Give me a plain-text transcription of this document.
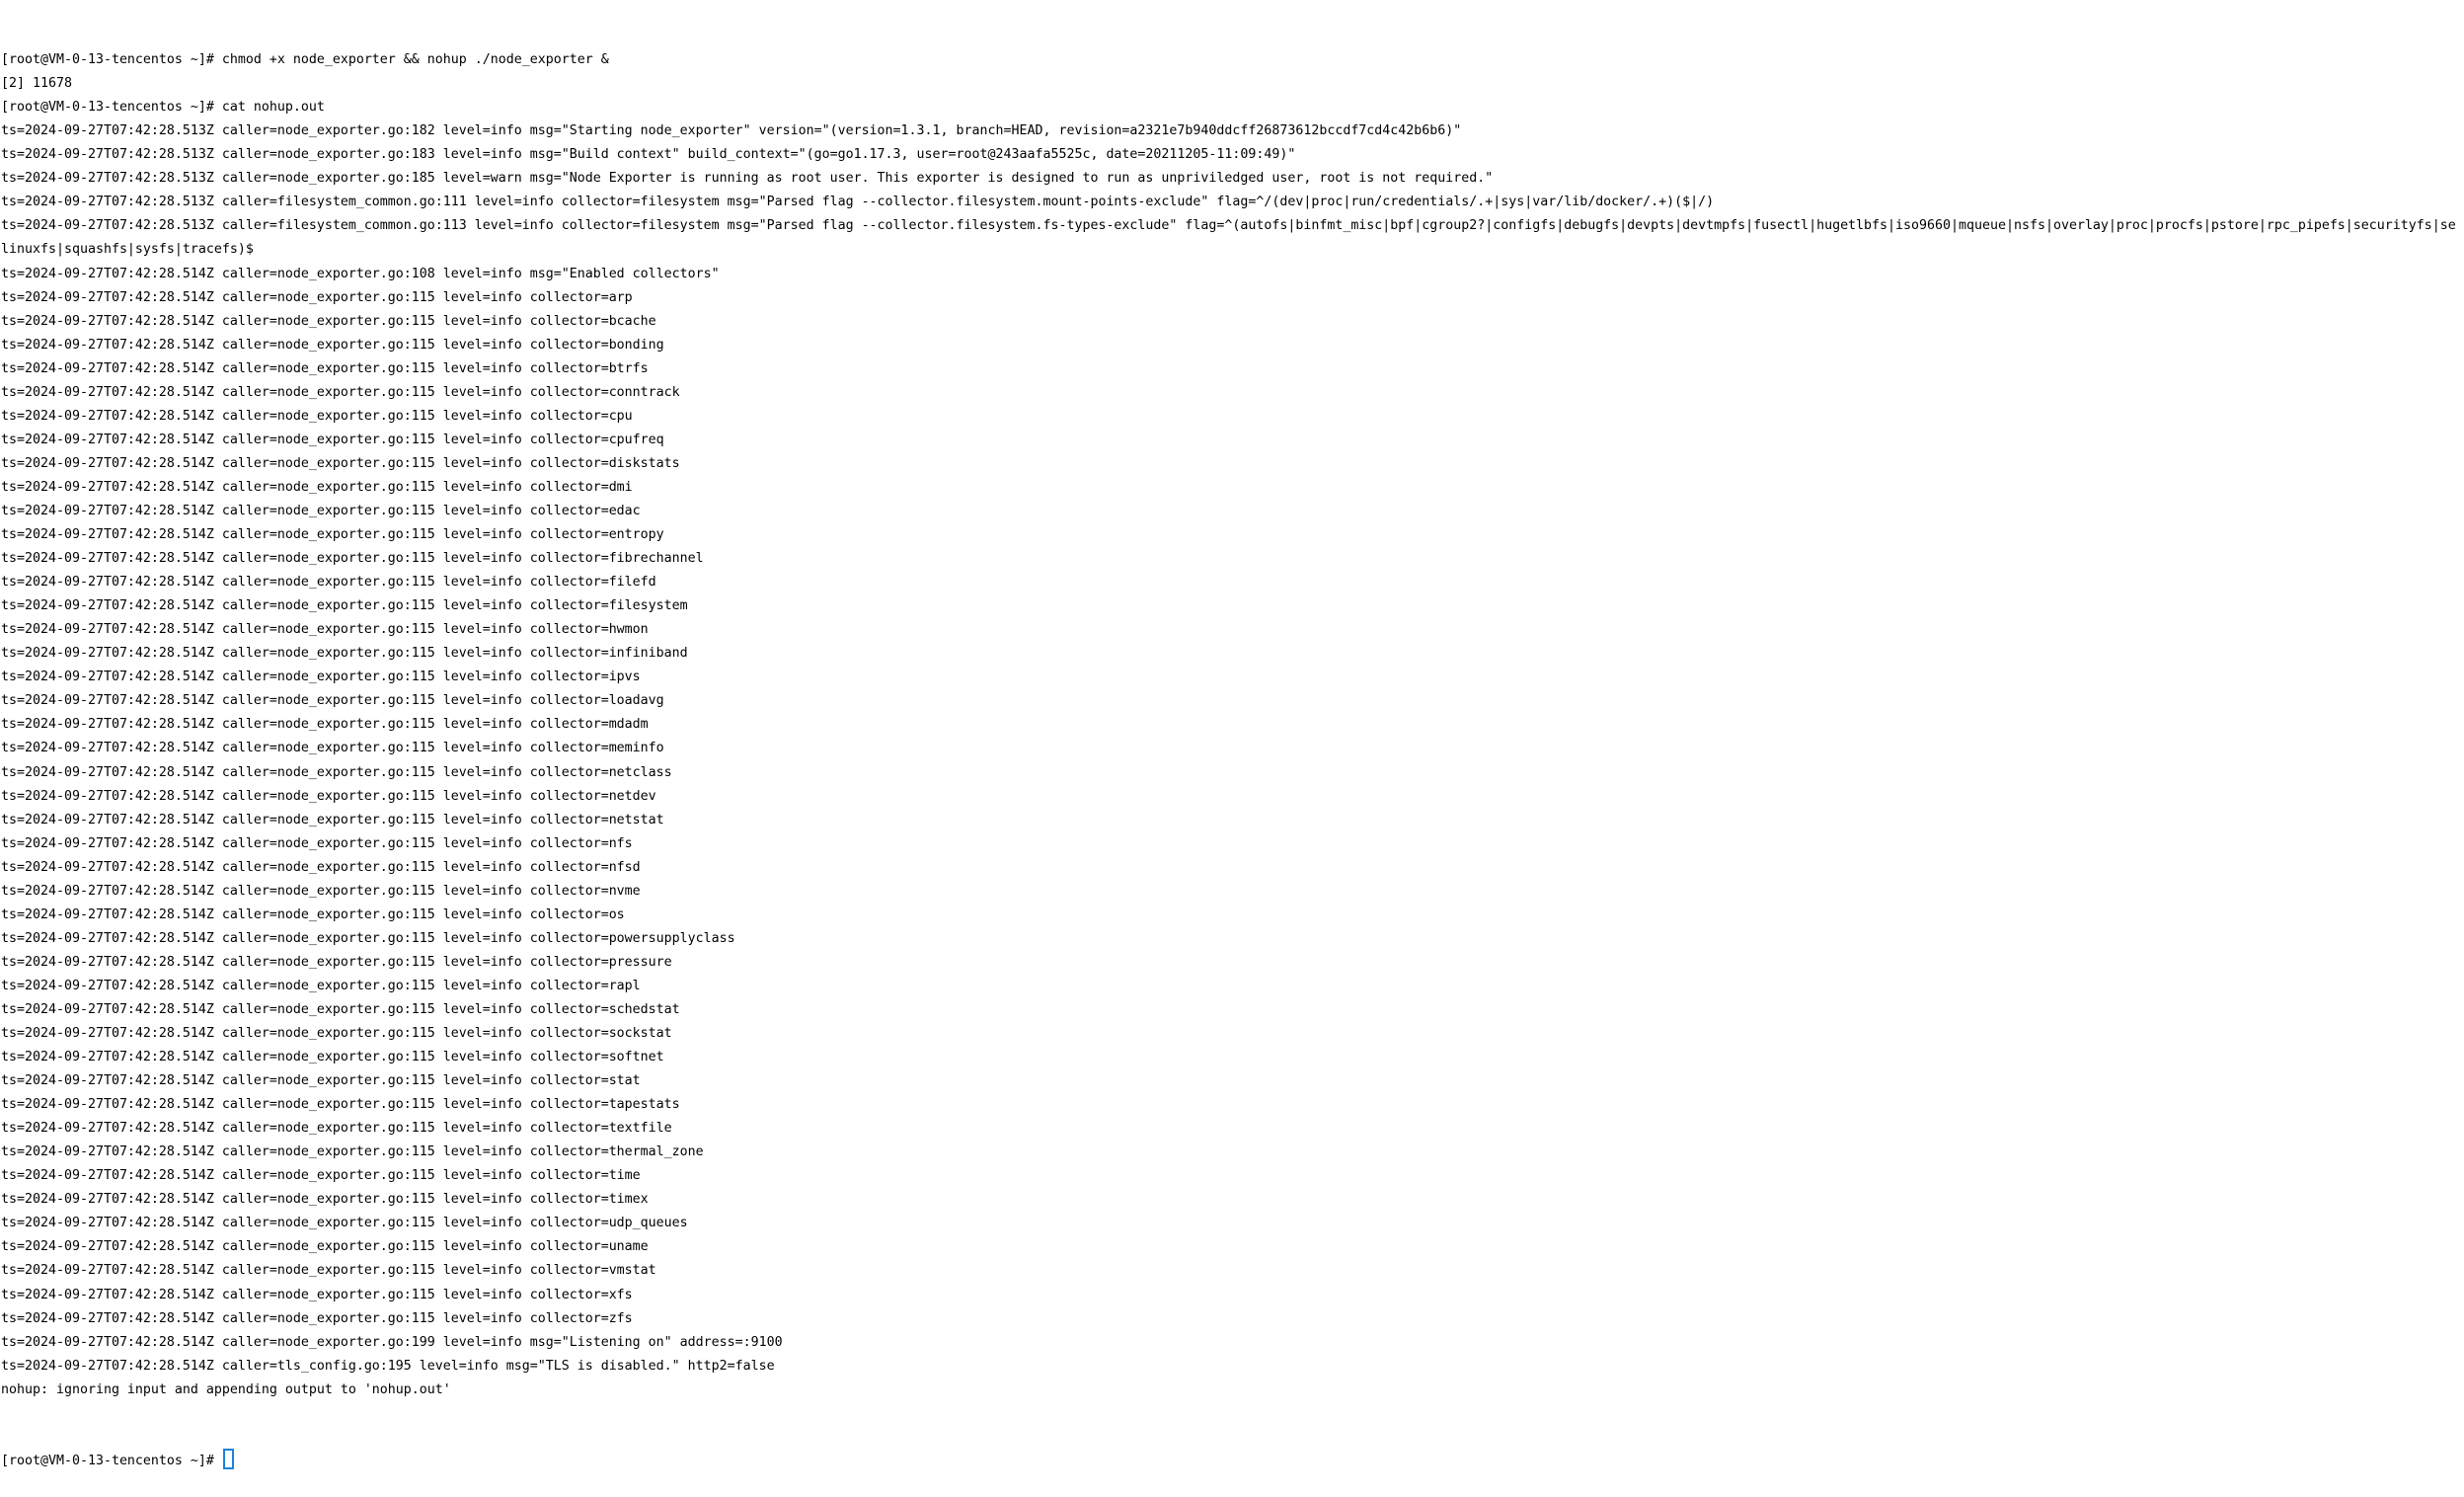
[root@VM-0-13-tencentos ~]# chmod +x node_exporter && nohup ./node_exporter &
[2] 11678
[root@VM-0-13-tencentos ~]# cat nohup.out
ts=2024-09-27T07:42:28.513Z caller=node_exporter.go:182 level=info msg="Starting node_exporter" version="(version=1.3.1, branch=HEAD, revision=a2321e7b940ddcff26873612bccdf7cd4c42b6b6)"
ts=2024-09-27T07:42:28.513Z caller=node_exporter.go:183 level=info msg="Build context" build_context="(go=go1.17.3, user=root@243aafa5525c, date=20211205-11:09:49)"
ts=2024-09-27T07:42:28.513Z caller=node_exporter.go:185 level=warn msg="Node Exporter is running as root user. This exporter is designed to run as unpriviledged user, root is not required."
ts=2024-09-27T07:42:28.513Z caller=filesystem_common.go:111 level=info collector=filesystem msg="Parsed flag --collector.filesystem.mount-points-exclude" flag=^/(dev|proc|run/credentials/.+|sys|var/lib/docker/.+)($|/)
ts=2024-09-27T07:42:28.513Z caller=filesystem_common.go:113 level=info collector=filesystem msg="Parsed flag --collector.filesystem.fs-types-exclude" flag=^(autofs|binfmt_misc|bpf|cgroup2?|configfs|debugfs|devpts|devtmpfs|fusectl|hugetlbfs|iso9660|mqueue|nsfs|overlay|proc|procfs|pstore|rpc_pipefs|securityfs|se
linuxfs|squashfs|sysfs|tracefs)$
ts=2024-09-27T07:42:28.514Z caller=node_exporter.go:108 level=info msg="Enabled collectors"
ts=2024-09-27T07:42:28.514Z caller=node_exporter.go:115 level=info collector=arp
ts=2024-09-27T07:42:28.514Z caller=node_exporter.go:115 level=info collector=bcache
ts=2024-09-27T07:42:28.514Z caller=node_exporter.go:115 level=info collector=bonding
ts=2024-09-27T07:42:28.514Z caller=node_exporter.go:115 level=info collector=btrfs
ts=2024-09-27T07:42:28.514Z caller=node_exporter.go:115 level=info collector=conntrack
ts=2024-09-27T07:42:28.514Z caller=node_exporter.go:115 level=info collector=cpu
ts=2024-09-27T07:42:28.514Z caller=node_exporter.go:115 level=info collector=cpufreq
ts=2024-09-27T07:42:28.514Z caller=node_exporter.go:115 level=info collector=diskstats
ts=2024-09-27T07:42:28.514Z caller=node_exporter.go:115 level=info collector=dmi
ts=2024-09-27T07:42:28.514Z caller=node_exporter.go:115 level=info collector=edac
ts=2024-09-27T07:42:28.514Z caller=node_exporter.go:115 level=info collector=entropy
ts=2024-09-27T07:42:28.514Z caller=node_exporter.go:115 level=info collector=fibrechannel
ts=2024-09-27T07:42:28.514Z caller=node_exporter.go:115 level=info collector=filefd
ts=2024-09-27T07:42:28.514Z caller=node_exporter.go:115 level=info collector=filesystem
ts=2024-09-27T07:42:28.514Z caller=node_exporter.go:115 level=info collector=hwmon
ts=2024-09-27T07:42:28.514Z caller=node_exporter.go:115 level=info collector=infiniband
ts=2024-09-27T07:42:28.514Z caller=node_exporter.go:115 level=info collector=ipvs
ts=2024-09-27T07:42:28.514Z caller=node_exporter.go:115 level=info collector=loadavg
ts=2024-09-27T07:42:28.514Z caller=node_exporter.go:115 level=info collector=mdadm
ts=2024-09-27T07:42:28.514Z caller=node_exporter.go:115 level=info collector=meminfo
ts=2024-09-27T07:42:28.514Z caller=node_exporter.go:115 level=info collector=netclass
ts=2024-09-27T07:42:28.514Z caller=node_exporter.go:115 level=info collector=netdev
ts=2024-09-27T07:42:28.514Z caller=node_exporter.go:115 level=info collector=netstat
ts=2024-09-27T07:42:28.514Z caller=node_exporter.go:115 level=info collector=nfs
ts=2024-09-27T07:42:28.514Z caller=node_exporter.go:115 level=info collector=nfsd
ts=2024-09-27T07:42:28.514Z caller=node_exporter.go:115 level=info collector=nvme
ts=2024-09-27T07:42:28.514Z caller=node_exporter.go:115 level=info collector=os
ts=2024-09-27T07:42:28.514Z caller=node_exporter.go:115 level=info collector=powersupplyclass
ts=2024-09-27T07:42:28.514Z caller=node_exporter.go:115 level=info collector=pressure
ts=2024-09-27T07:42:28.514Z caller=node_exporter.go:115 level=info collector=rapl
ts=2024-09-27T07:42:28.514Z caller=node_exporter.go:115 level=info collector=schedstat
ts=2024-09-27T07:42:28.514Z caller=node_exporter.go:115 level=info collector=sockstat
ts=2024-09-27T07:42:28.514Z caller=node_exporter.go:115 level=info collector=softnet
ts=2024-09-27T07:42:28.514Z caller=node_exporter.go:115 level=info collector=stat
ts=2024-09-27T07:42:28.514Z caller=node_exporter.go:115 level=info collector=tapestats
ts=2024-09-27T07:42:28.514Z caller=node_exporter.go:115 level=info collector=textfile
ts=2024-09-27T07:42:28.514Z caller=node_exporter.go:115 level=info collector=thermal_zone
ts=2024-09-27T07:42:28.514Z caller=node_exporter.go:115 level=info collector=time
ts=2024-09-27T07:42:28.514Z caller=node_exporter.go:115 level=info collector=timex
ts=2024-09-27T07:42:28.514Z caller=node_exporter.go:115 level=info collector=udp_queues
ts=2024-09-27T07:42:28.514Z caller=node_exporter.go:115 level=info collector=uname
ts=2024-09-27T07:42:28.514Z caller=node_exporter.go:115 level=info collector=vmstat
ts=2024-09-27T07:42:28.514Z caller=node_exporter.go:115 level=info collector=xfs
ts=2024-09-27T07:42:28.514Z caller=node_exporter.go:115 level=info collector=zfs
ts=2024-09-27T07:42:28.514Z caller=node_exporter.go:199 level=info msg="Listening on" address=:9100
ts=2024-09-27T07:42:28.514Z caller=tls_config.go:195 level=info msg="TLS is disabled." http2=false
nohup: ignoring input and appending output to 'nohup.out'

[root@VM-0-13-tencentos ~]#
